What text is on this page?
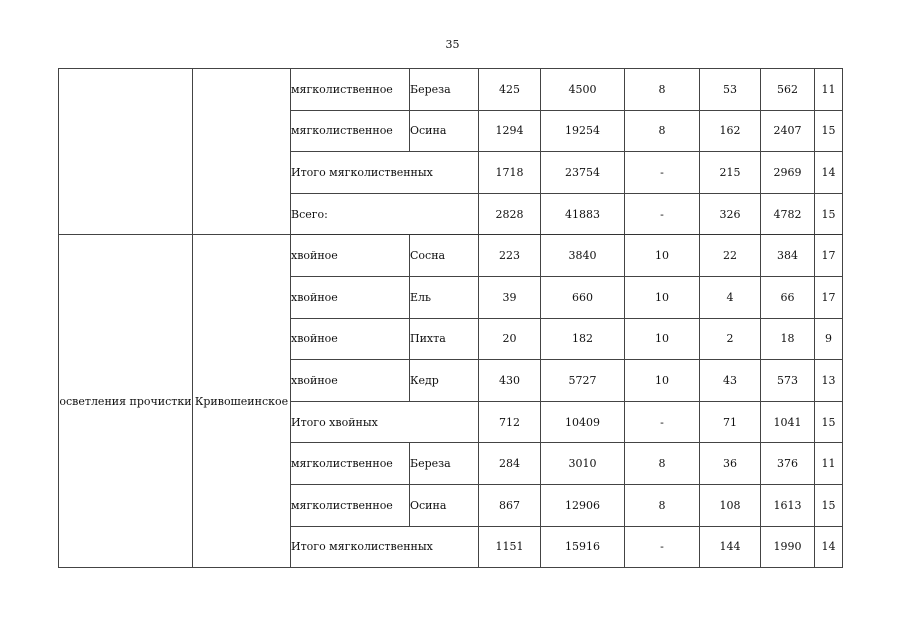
35
		мягколиственное	Береза	425	4500	8	53	562	11
		мягколиственное	Осина	1294	19254	8	162	2407	15
		Итого мягколиственных		1718	23754	-	215	2969	14
		Всего:		2828	41883	-	326	4782	15
осветления прочистки	Кривошеинское	хвойное	Сосна	223	3840	10	22	384	17
		хвойное	Ель	39	660	10	4	66	17
		хвойное	Пихта	20	182	10	2	18	9
		хвойное	Кедр	430	5727	10	43	573	13
		Итого хвойных		712	10409	-	71	1041	15
		мягколиственное	Береза	284	3010	8	36	376	11
		мягколиственное	Осина	867	12906	8	108	1613	15
		Итого мягколиственных		1151	15916	-	144	1990	14
